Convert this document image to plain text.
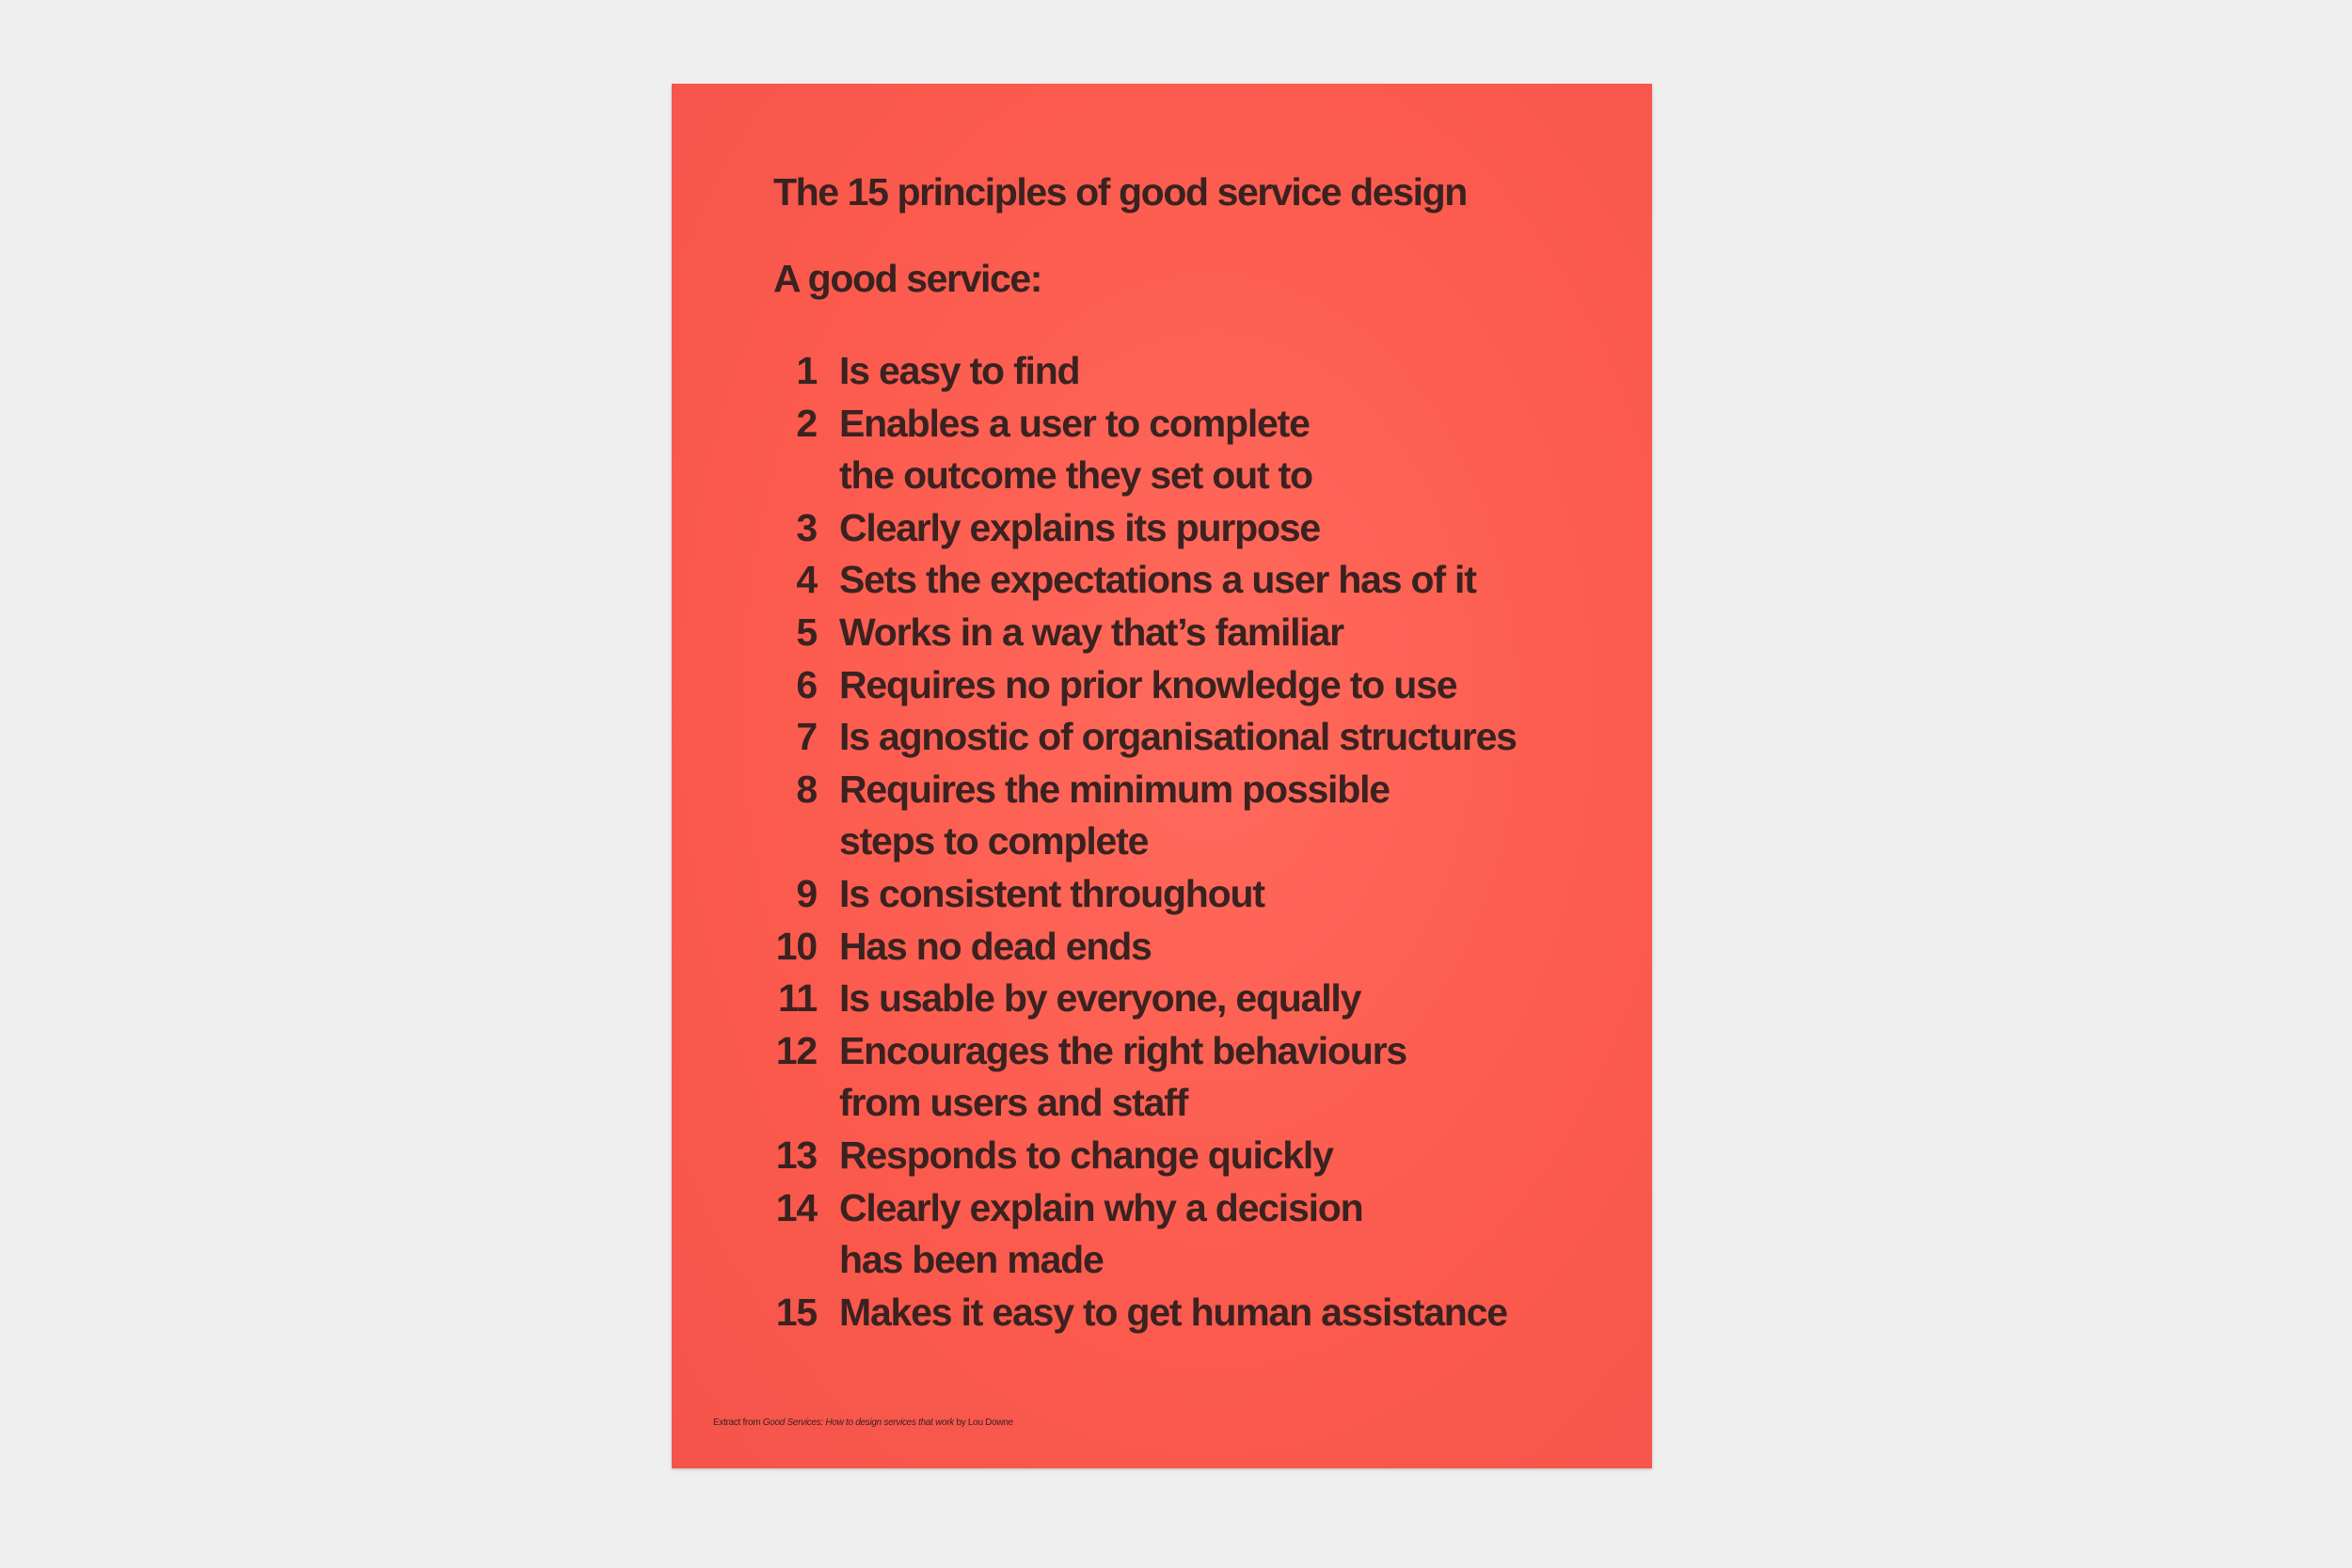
The 15 principles of good service design
A good service:
1 Is easy to find
2 Enables a user to complete
the outcome they set out to
3 Clearly explains its purpose
4 Sets the expectations a user has of it
5 Works in a way that’s familiar
6 Requires no prior knowledge to use
7 Is agnostic of organisational structures
8 Requires the minimum possible
steps to complete
9 Is consistent throughout
10 Has no dead ends
11 Is usable by everyone, equally
12 Encourages the right behaviours
from users and staff
13 Responds to change quickly
14 Clearly explain why a decision
has been made
15 Makes it easy to get human assistance

Extract from Good Services: How to design services that work by Lou Downe
